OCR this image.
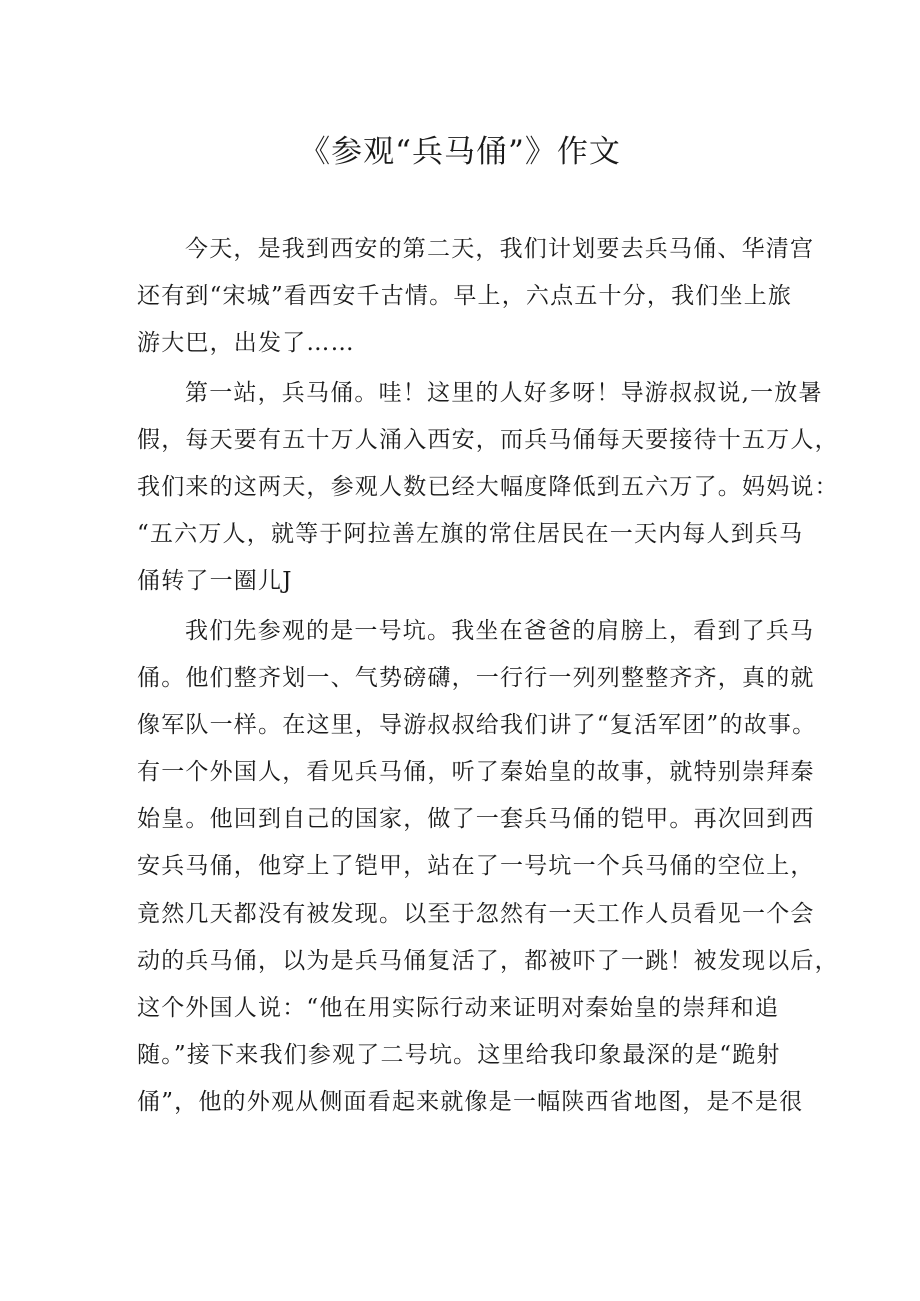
《参观“兵马俑”》作文
今天，是我到西安的第二天，我们计划要去兵马俑、华清宫
还有到“宋城”看西安千古情。早上，六点五十分，我们坐上旅
游大巴，出发了……
第一站，兵马俑。哇！这里的人好多呀！导游叔叔说,一放暑
假，每天要有五十万人涌入西安，而兵马俑每天要接待十五万人，
我们来的这两天，参观人数已经大幅度降低到五六万了。妈妈说：
“五六万人，就等于阿拉善左旗的常住居民在一天内每人到兵马
俑转了一圈儿J
我们先参观的是一号坑。我坐在爸爸的肩膀上，看到了兵马
俑。他们整齐划一、气势磅礴，一行行一列列整整齐齐，真的就
像军队一样。在这里，导游叔叔给我们讲了“复活军团”的故事。
有一个外国人，看见兵马俑，听了秦始皇的故事，就特别崇拜秦
始皇。他回到自己的国家，做了一套兵马俑的铠甲。再次回到西
安兵马俑，他穿上了铠甲，站在了一号坑一个兵马俑的空位上，
竟然几天都没有被发现。以至于忽然有一天工作人员看见一个会
动的兵马俑，以为是兵马俑复活了，都被吓了一跳！被发现以后，
这个外国人说：“他在用实际行动来证明对秦始皇的崇拜和追
随。”接下来我们参观了二号坑。这里给我印象最深的是“跪射
俑”，他的外观从侧面看起来就像是一幅陕西省地图，是不是很
